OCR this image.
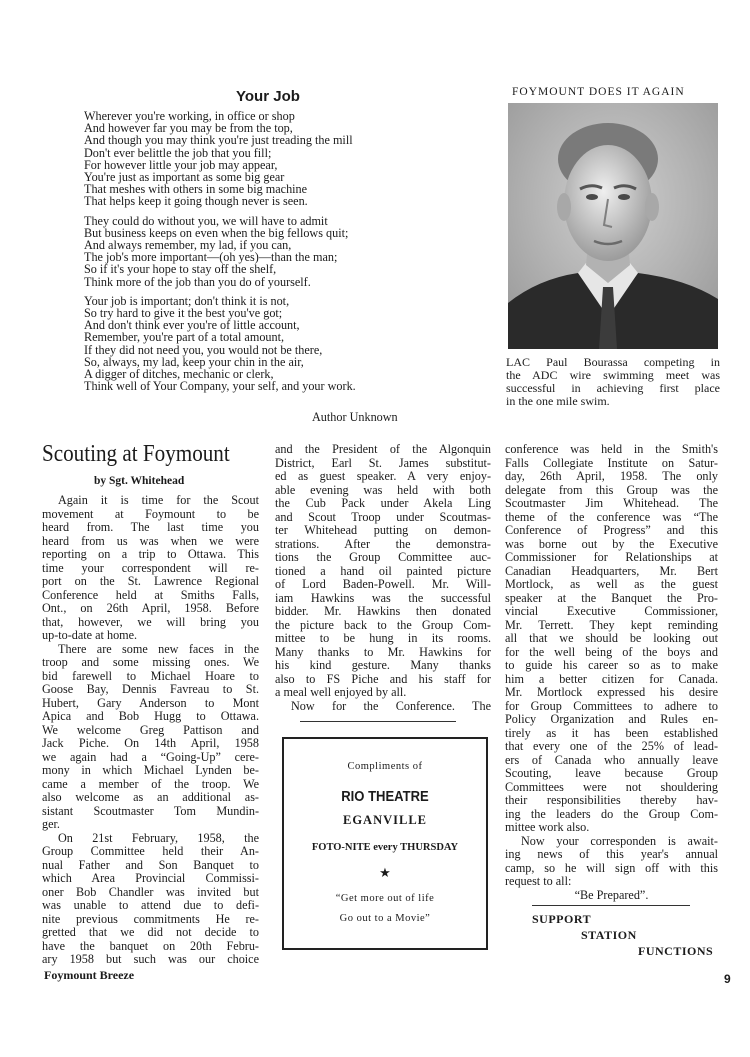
Your Job
Wherever you're working, in office or shop
And however far you may be from the top,
And though you may think you're just treading the mill
Don't ever belittle the job that you fill;
For however little your job may appear,
You're just as important as some big gear
That meshes with others in some big machine
That helps keep it going though never is seen.
They could do without you, we will have to admit
But business keeps on even when the big fellows quit;
And always remember, my lad, if you can,
The job's more important—(oh yes)—than the man;
So if it's your hope to stay off the shelf,
Think more of the job than you do of yourself.
Your job is important; don't think it is not,
So try hard to give it the best you've got;
And don't think ever you're of little account,
Remember, you're part of a total amount,
If they did not need you, you would not be there,
So, always, my lad, keep your chin in the air,
A digger of ditches, mechanic or clerk,
Think well of Your Company, your self, and your work.
Author Unknown
FOYMOUNT DOES IT AGAIN
LAC Paul Bourassa competing in
the ADC wire swimming meet was
successful in achieving first place
in the one mile swim.
Scouting at Foymount
by Sgt. Whitehead
Again it is time for the Scout
movement at Foymount to be
heard from. The last time you
heard from us was when we were
reporting on a trip to Ottawa. This
time your correspondent will re-
port on the St. Lawrence Regional
Conference held at Smiths Falls,
Ont., on 26th April, 1958. Before
that, however, we will bring you
up-to-date at home.
There are some new faces in the
troop and some missing ones. We
bid farewell to Michael Hoare to
Goose Bay, Dennis Favreau to St.
Hubert, Gary Anderson to Mont
Apica and Bob Hugg to Ottawa.
We welcome Greg Pattison and
Jack Piche. On 14th April, 1958
we again had a “Going-Up” cere-
mony in which Michael Lynden be-
came a member of the troop. We
also welcome as an additional as-
sistant Scoutmaster Tom Mundin-
ger.
On 21st February, 1958, the
Group Committee held their An-
nual Father and Son Banquet to
which Area Provincial Commissi-
oner Bob Chandler was invited but
was unable to attend due to defi-
nite previous commitments He re-
gretted that we did not decide to
have the banquet on 20th Febru-
ary 1958 but such was our choice
and the President of the Algonquin
District, Earl St. James substitut-
ed as guest speaker. A very enjoy-
able evening was held with both
the Cub Pack under Akela Ling
and Scout Troop under Scoutmas-
ter Whitehead putting on demon-
strations. After the demonstra-
tions the Group Committee auc-
tioned a hand oil painted picture
of Lord Baden-Powell. Mr. Will-
iam Hawkins was the successful
bidder. Mr. Hawkins then donated
the picture back to the Group Com-
mittee to be hung in its rooms.
Many thanks to Mr. Hawkins for
his kind gesture. Many thanks
also to FS Piche and his staff for
a meal well enjoyed by all.
Now for the Conference. The
conference was held in the Smith's
Falls Collegiate Institute on Satur-
day, 26th April, 1958. The only
delegate from this Group was the
Scoutmaster Jim Whitehead. The
theme of the conference was “The
Conference of Progress” and this
was borne out by the Executive
Commissioner for Relationships at
Canadian Headquarters, Mr. Bert
Mortlock, as well as the guest
speaker at the Banquet the Pro-
vincial Executive Commissioner,
Mr. Terrett. They kept reminding
all that we should be looking out
for the well being of the boys and
to guide his career so as to make
him a better citizen for Canada.
Mr. Mortlock expressed his desire
for Group Committees to adhere to
Policy Organization and Rules en-
tirely as it has been established
that every one of the 25% of lead-
ers of Canada who annually leave
Scouting, leave because Group
Committees were not shouldering
their responsibilities thereby hav-
ing the leaders do the Group Com-
mittee work also.
Now your corresponden is await-
ing news of this year's annual
camp, so he will sign off with this
request to all:
“Be Prepared”.
Compliments of
RIO THEATRE
EGANVILLE
FOTO-NITE every THURSDAY
★
“Get more out of life
Go out to a Movie”	SUPPORT
STATION
FUNCTIONS
Foymount Breeze	9
